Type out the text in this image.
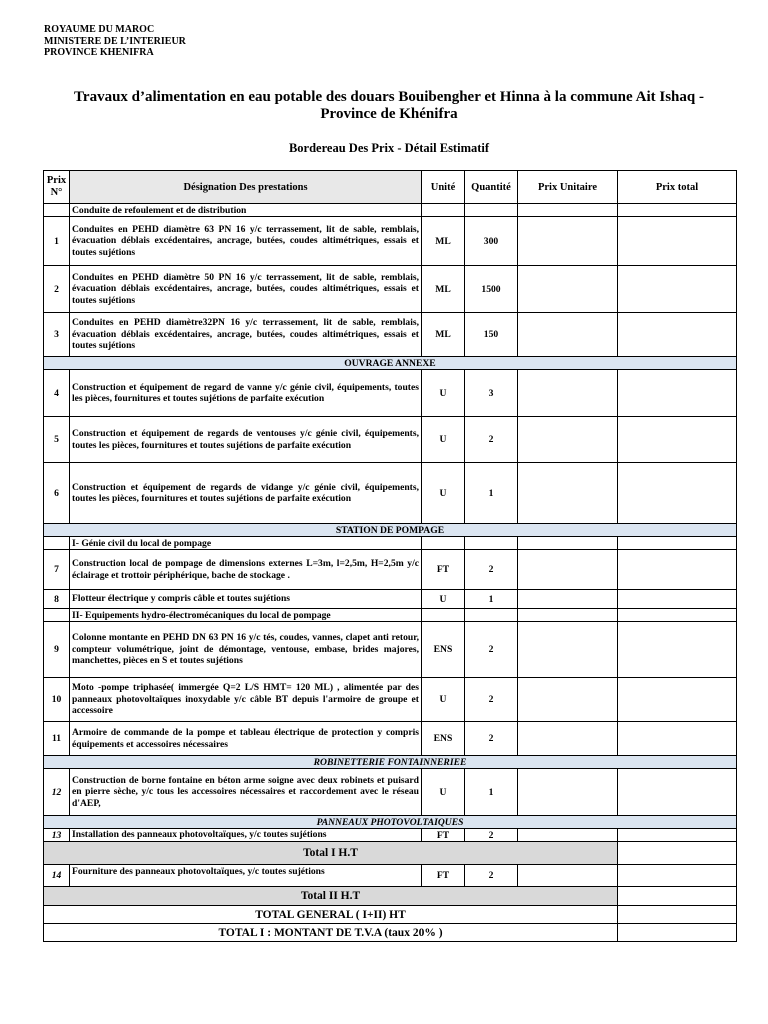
ROYAUME DU MAROC
MINISTERE DE L’INTERIEUR
PROVINCE KHENIFRA
Travaux d’alimentation en eau potable des douars Bouibengher et Hinna à la commune Ait Ishaq -
Province de Khénifra
Bordereau Des Prix - Détail Estimatif
Prix
N°	Désignation Des prestations	Unité	Quantité	Prix Unitaire	Prix total
	Conduite de refoulement et de distribution				
1	Conduites en PEHD diamètre 63 PN 16 y/c terrassement, lit de sable, remblais, évacuation déblais excédentaires, ancrage, butées, coudes altimétriques, essais et toutes sujétions	ML	300		
2	Conduites en PEHD diamètre 50 PN 16 y/c terrassement, lit de sable, remblais, évacuation déblais excédentaires, ancrage, butées, coudes altimétriques, essais et toutes sujétions	ML	1500		
3	Conduites en PEHD diamètre32PN 16 y/c terrassement, lit de sable, remblais, évacuation déblais excédentaires, ancrage, butées, coudes altimétriques, essais et toutes sujétions	ML	150		
OUVRAGE ANNEXE					
4	Construction et équipement de regard de vanne y/c génie civil, équipements, toutes les pièces, fournitures et toutes sujétions de parfaite exécution	U	3		
5	Construction et équipement de regards de ventouses y/c génie civil, équipements, toutes les pièces, fournitures et toutes sujétions de parfaite exécution	U	2		
6	Construction et équipement de regards de vidange y/c génie civil, équipements, toutes les pièces, fournitures et toutes sujétions de parfaite exécution	U	1		
STATION DE POMPAGE					
	I- Génie civil du local de pompage				
7	Construction local de pompage de dimensions externes L=3m, l=2,5m, H=2,5m y/c éclairage et trottoir périphérique, bache de stockage .	FT	2		
8	Flotteur électrique y compris câble et toutes sujétions	U	1		
	II- Equipements hydro-électromécaniques du local de pompage				
9	Colonne montante en PEHD DN 63 PN 16 y/c tés, coudes, vannes, clapet anti retour, compteur volumétrique, joint de démontage, ventouse, embase, brides majores, manchettes, pièces en S et toutes sujétions	ENS	2		
10	Moto -pompe triphasée( immergée Q=2 L/S HMT= 120 ML) , alimentée par des panneaux photovoltaïques inoxydable y/c câble BT depuis l'armoire de groupe et accessoire	U	2		
11	Armoire de commande de la pompe et tableau électrique de protection y compris équipements et accessoires nécessaires	ENS	2		
ROBINETTERIE FONTAINNERIEE					
12	Construction de borne fontaine en béton arme soigne avec deux robinets et puisard en pierre sèche, y/c tous les accessoires nécessaires et raccordement avec le réseau d'AEP,	U	1		
PANNEAUX PHOTOVOLTAIQUES					
13	Installation des panneaux photovoltaïques, y/c toutes sujétions	FT	2		
Total I H.T					
14	Fourniture des panneaux photovoltaïques, y/c toutes sujétions	FT	2		
Total II H.T					
TOTAL GENERAL ( I+II) HT					
TOTAL I : MONTANT DE T.V.A (taux 20% )					
